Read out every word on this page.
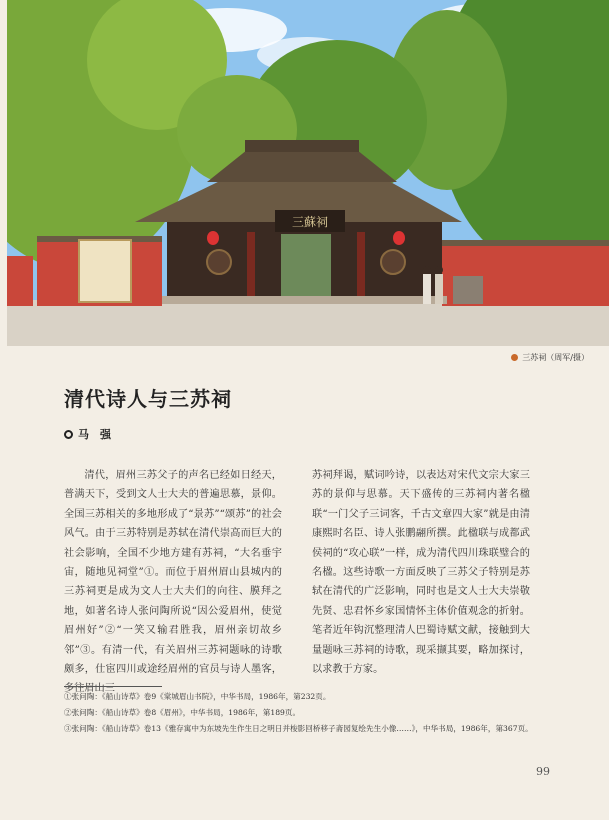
三蘇祠
三苏祠（周军/摄）
清代诗人与三苏祠
马　强
清代，眉州三苏父子的声名已经如日经天，普满天下，受到文人士大夫的普遍思慕，景仰。全国三苏相关的多地形成了“景苏”“颂苏”的社会风气。由于三苏特别是苏轼在清代崇高而巨大的社会影响，全国不少地方建有苏祠，“大名垂宇宙，随地见祠堂”①。而位于眉州眉山县城内的三苏祠更是成为文人士大夫们的向往、膜拜之地，如著名诗人张问陶所说“因公爱眉州，使觉眉州好”②“一笑又输君胜我，眉州亲切故乡邻”③。有清一代，有关眉州三苏祠题咏的诗歌颇多，仕宦四川或途经眉州的官员与诗人墨客，多往眉山三
苏祠拜谒，赋词吟诗，以表达对宋代文宗大家三苏的景仰与思慕。天下盛传的三苏祠内著名楹联“一门父子三词客，千古文章四大家”就是由清康熙时名臣、诗人张鹏翮所撰。此楹联与成都武侯祠的“攻心联”一样，成为清代四川珠联璧合的名楹。这些诗歌一方面反映了三苏父子特别是苏轼在清代的广泛影响，同时也是文人士大夫崇敬先贤、忠君怀乡家国情怀主体价值观念的折射。笔者近年钩沉整理清人巴蜀诗赋文献，接触到大量题咏三苏祠的诗歌，现采撷其要，略加探讨，以求教于方家。
①张问陶：《船山诗草》卷9《棠城眉山书院》，中华书局，1986年，第232页。
②张问陶：《船山诗草》卷8《眉州》，中华书局，1986年，第189页。
③张问陶：《船山诗草》卷13《雅存寓中为东坡先生作生日之明日并梭影回桥移子斋园复绘先生小像……》，中华书局，1986年，第367页。
99
